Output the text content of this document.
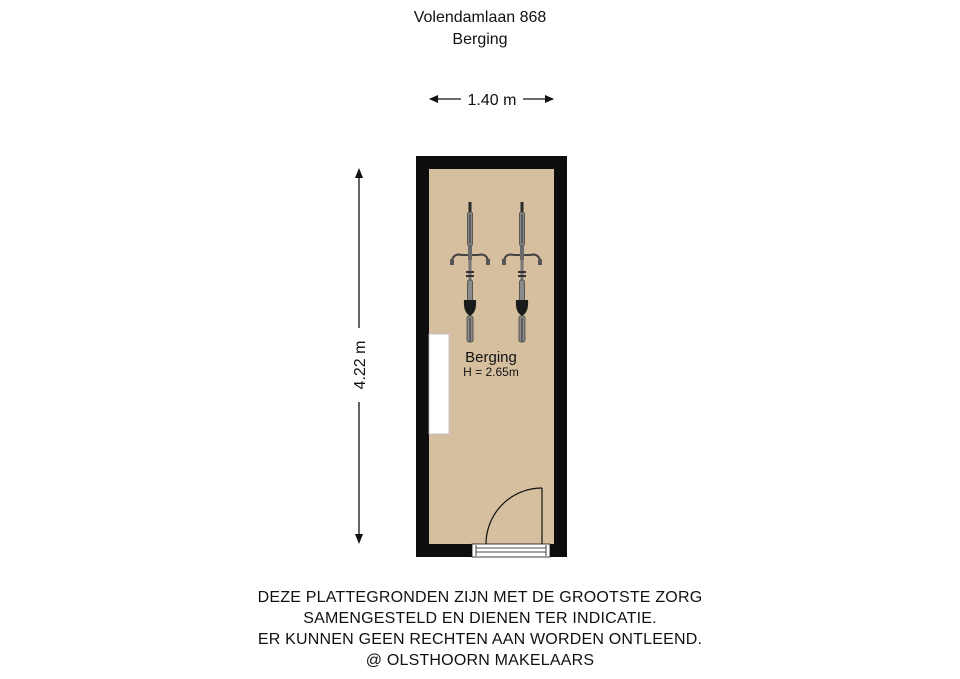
Volendamlaan 868
Berging
1.40 m
4.22 m	Berging
H = 2.65m
DEZE PLATTEGRONDEN ZIJN MET DE GROOTSTE ZORG
SAMENGESTELD EN DIENEN TER INDICATIE.
ER KUNNEN GEEN RECHTEN AAN WORDEN ONTLEEND.
@ OLSTHOORN MAKELAARS
